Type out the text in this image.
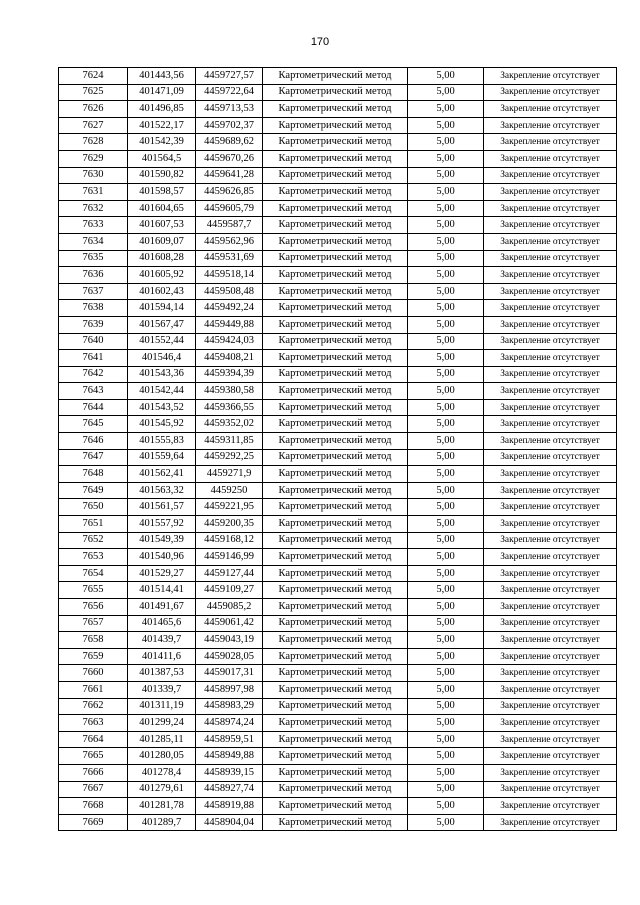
170
7624	401443,56	4459727,57	Картометрический метод	5,00	Закрепление отсутствует
7625	401471,09	4459722,64	Картометрический метод	5,00	Закрепление отсутствует
7626	401496,85	4459713,53	Картометрический метод	5,00	Закрепление отсутствует
7627	401522,17	4459702,37	Картометрический метод	5,00	Закрепление отсутствует
7628	401542,39	4459689,62	Картометрический метод	5,00	Закрепление отсутствует
7629	401564,5	4459670,26	Картометрический метод	5,00	Закрепление отсутствует
7630	401590,82	4459641,28	Картометрический метод	5,00	Закрепление отсутствует
7631	401598,57	4459626,85	Картометрический метод	5,00	Закрепление отсутствует
7632	401604,65	4459605,79	Картометрический метод	5,00	Закрепление отсутствует
7633	401607,53	4459587,7	Картометрический метод	5,00	Закрепление отсутствует
7634	401609,07	4459562,96	Картометрический метод	5,00	Закрепление отсутствует
7635	401608,28	4459531,69	Картометрический метод	5,00	Закрепление отсутствует
7636	401605,92	4459518,14	Картометрический метод	5,00	Закрепление отсутствует
7637	401602,43	4459508,48	Картометрический метод	5,00	Закрепление отсутствует
7638	401594,14	4459492,24	Картометрический метод	5,00	Закрепление отсутствует
7639	401567,47	4459449,88	Картометрический метод	5,00	Закрепление отсутствует
7640	401552,44	4459424,03	Картометрический метод	5,00	Закрепление отсутствует
7641	401546,4	4459408,21	Картометрический метод	5,00	Закрепление отсутствует
7642	401543,36	4459394,39	Картометрический метод	5,00	Закрепление отсутствует
7643	401542,44	4459380,58	Картометрический метод	5,00	Закрепление отсутствует
7644	401543,52	4459366,55	Картометрический метод	5,00	Закрепление отсутствует
7645	401545,92	4459352,02	Картометрический метод	5,00	Закрепление отсутствует
7646	401555,83	4459311,85	Картометрический метод	5,00	Закрепление отсутствует
7647	401559,64	4459292,25	Картометрический метод	5,00	Закрепление отсутствует
7648	401562,41	4459271,9	Картометрический метод	5,00	Закрепление отсутствует
7649	401563,32	4459250	Картометрический метод	5,00	Закрепление отсутствует
7650	401561,57	4459221,95	Картометрический метод	5,00	Закрепление отсутствует
7651	401557,92	4459200,35	Картометрический метод	5,00	Закрепление отсутствует
7652	401549,39	4459168,12	Картометрический метод	5,00	Закрепление отсутствует
7653	401540,96	4459146,99	Картометрический метод	5,00	Закрепление отсутствует
7654	401529,27	4459127,44	Картометрический метод	5,00	Закрепление отсутствует
7655	401514,41	4459109,27	Картометрический метод	5,00	Закрепление отсутствует
7656	401491,67	4459085,2	Картометрический метод	5,00	Закрепление отсутствует
7657	401465,6	4459061,42	Картометрический метод	5,00	Закрепление отсутствует
7658	401439,7	4459043,19	Картометрический метод	5,00	Закрепление отсутствует
7659	401411,6	4459028,05	Картометрический метод	5,00	Закрепление отсутствует
7660	401387,53	4459017,31	Картометрический метод	5,00	Закрепление отсутствует
7661	401339,7	4458997,98	Картометрический метод	5,00	Закрепление отсутствует
7662	401311,19	4458983,29	Картометрический метод	5,00	Закрепление отсутствует
7663	401299,24	4458974,24	Картометрический метод	5,00	Закрепление отсутствует
7664	401285,11	4458959,51	Картометрический метод	5,00	Закрепление отсутствует
7665	401280,05	4458949,88	Картометрический метод	5,00	Закрепление отсутствует
7666	401278,4	4458939,15	Картометрический метод	5,00	Закрепление отсутствует
7667	401279,61	4458927,74	Картометрический метод	5,00	Закрепление отсутствует
7668	401281,78	4458919,88	Картометрический метод	5,00	Закрепление отсутствует
7669	401289,7	4458904,04	Картометрический метод	5,00	Закрепление отсутствует
